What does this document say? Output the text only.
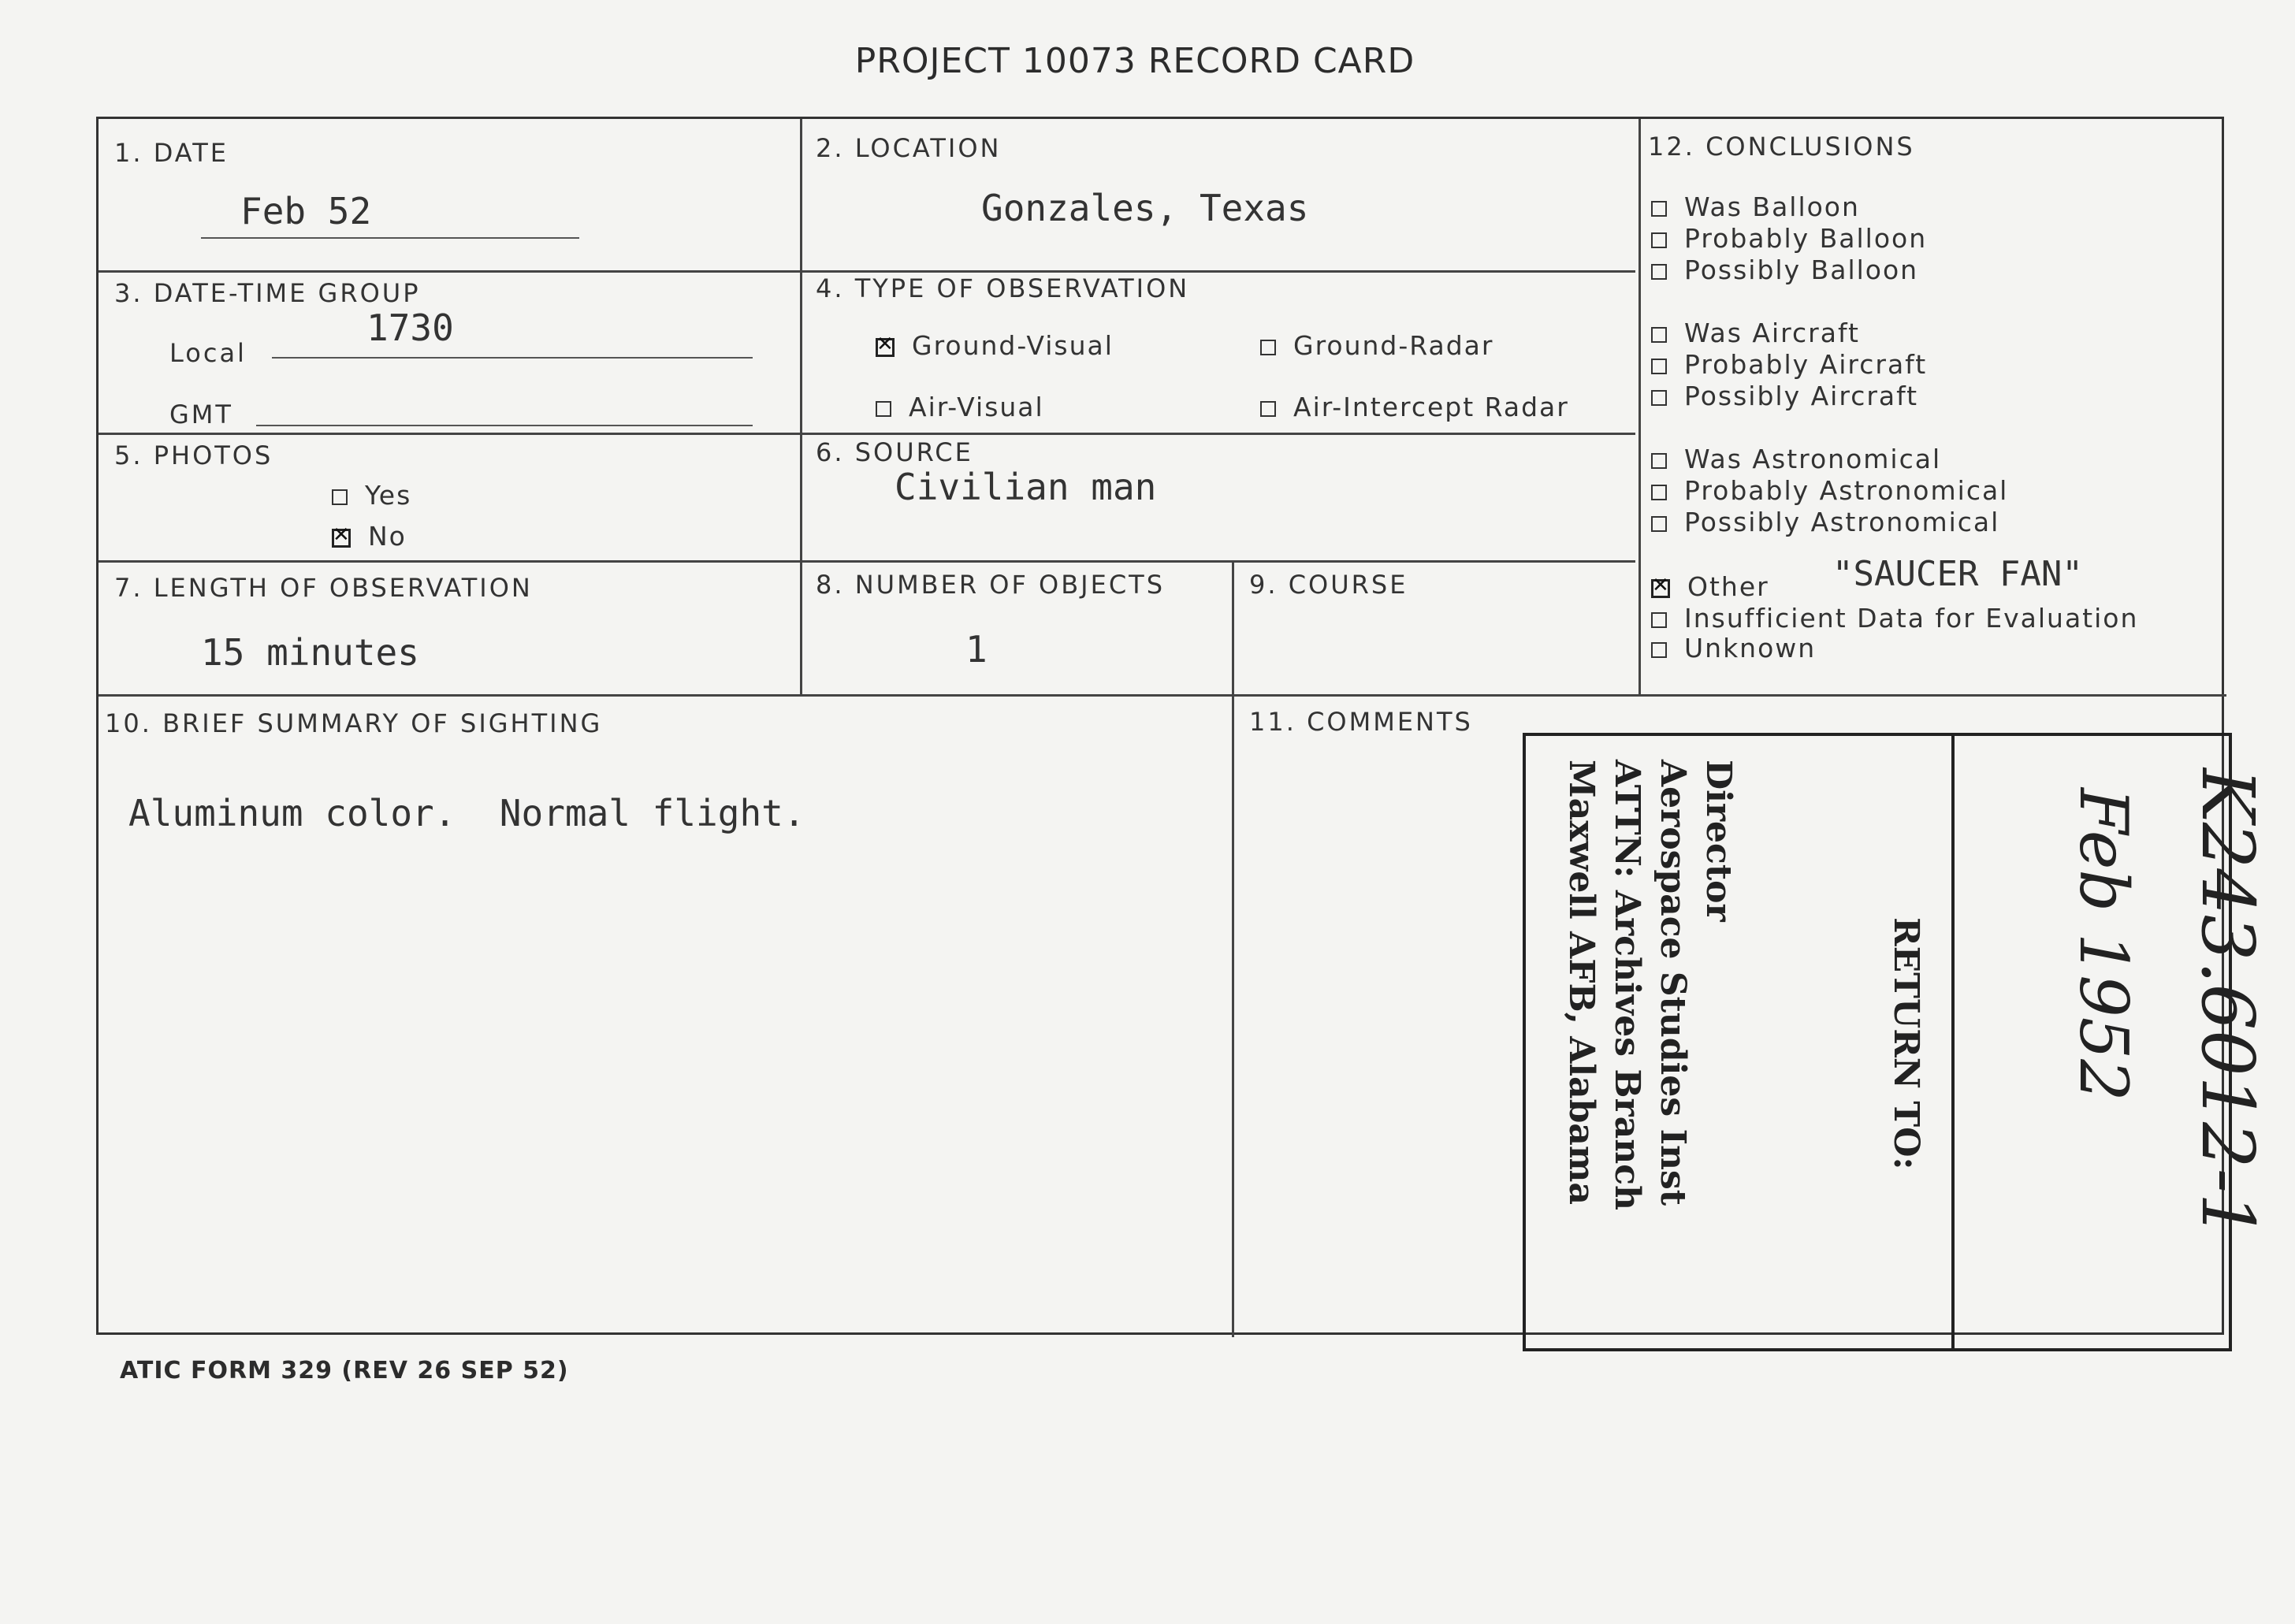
PROJECT 10073 RECORD CARD
1. DATE
Feb 52
2. LOCATION
Gonzales, Texas
3. DATE-TIME GROUP
Local
1730
GMT
4. TYPE OF OBSERVATION
✕Ground-Visual	Ground-Radar
Air-Visual	Air-Intercept Radar
5. PHOTOS
Yes
✕No
6. SOURCE
Civilian man
7. LENGTH OF OBSERVATION
15 minutes
8. NUMBER OF OBJECTS
1
9. COURSE
10. BRIEF SUMMARY OF SIGHTING
Aluminum color.  Normal flight.
11. COMMENTS
12. CONCLUSIONS
Was Balloon
Probably Balloon
Possibly Balloon
Was Aircraft
Probably Aircraft
Possibly Aircraft
Was Astronomical
Probably Astronomical
Possibly Astronomical
✕Other "SAUCER FAN"
Insufficient Data for Evaluation
Unknown
RETURN TO:
Director
Aerospace Studies Inst
ATTN: Archives Branch
Maxwell AFB, Alabama	K243.6012-1
Feb 1952
ATIC FORM 329 (REV 26 SEP 52)
